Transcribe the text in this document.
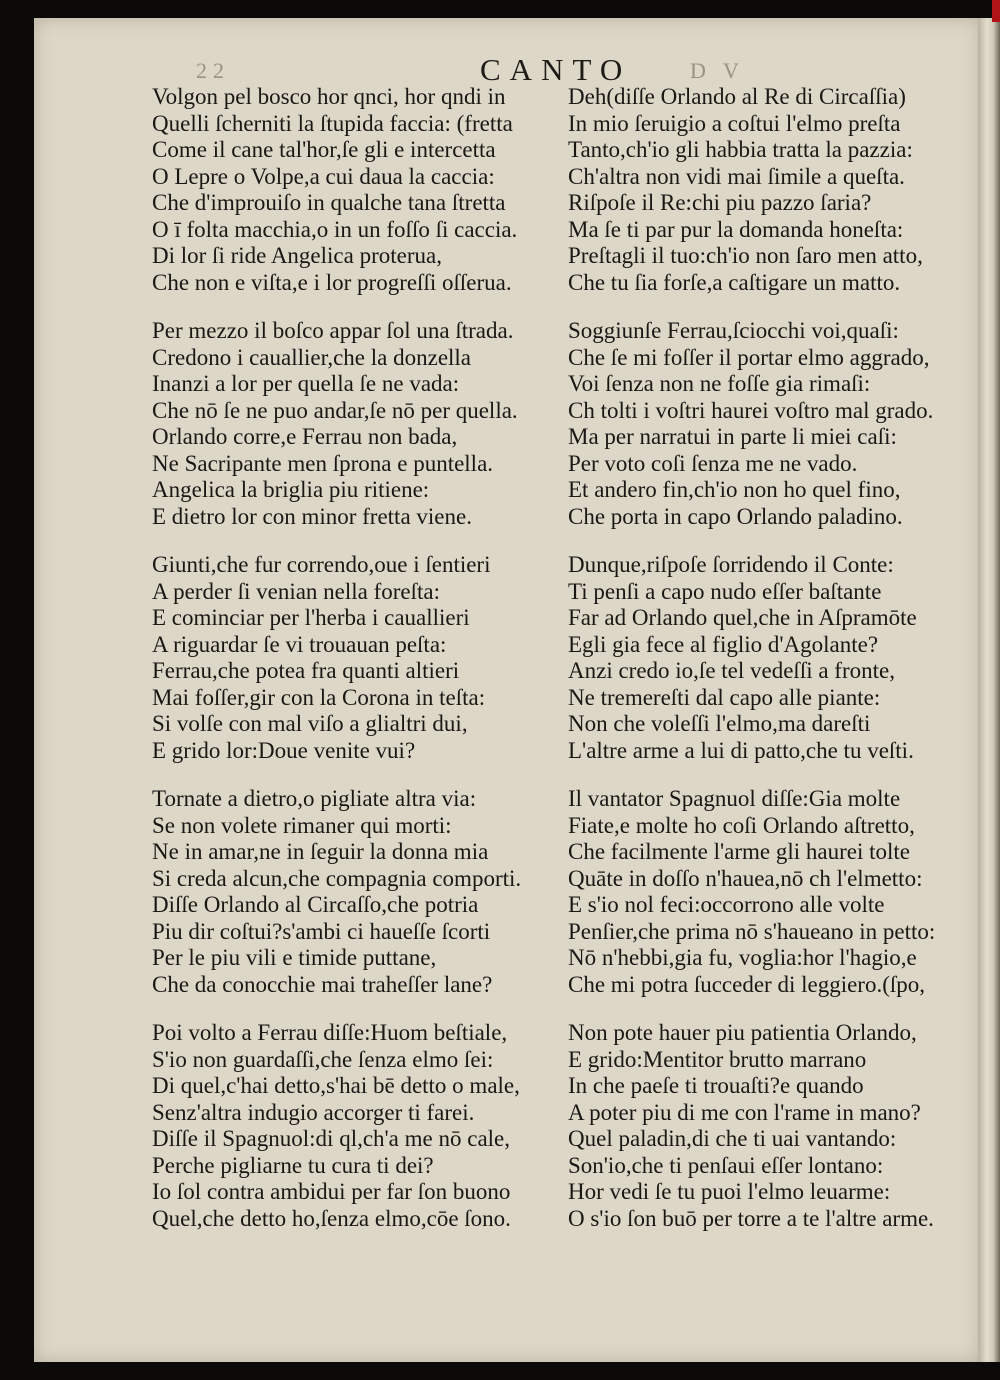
22	CANTO	D V
Volgon pel bosco hor qnci, hor qndi in
Quelli ſcherniti la ſtupida faccia: (fretta
Come il cane tal'hor,ſe gli e intercetta
O Lepre o Volpe,a cui daua la caccia:
Che d'improuiſo in qualche tana ſtretta
O ī folta macchia,o in un foſſo ſi caccia.
Di lor ſi ride Angelica proterua,
Che non e viſta,e i lor progreſſi oſſerua.
Per mezzo il boſco appar ſol una ſtrada.
Credono i cauallier,che la donzella
Inanzi a lor per quella ſe ne vada:
Che nō ſe ne puo andar,ſe nō per quella.
Orlando corre,e Ferrau non bada,
Ne Sacripante men ſprona e puntella.
Angelica la briglia piu ritiene:
E dietro lor con minor fretta viene.
Giunti,che fur correndo,oue i ſentieri
A perder ſi venian nella foreſta:
E cominciar per l'herba i cauallieri
A riguardar ſe vi trouauan peſta:
Ferrau,che potea fra quanti altieri
Mai foſſer,gir con la Corona in teſta:
Si volſe con mal viſo a glialtri dui,
E grido lor:Doue venite vui?
Tornate a dietro,o pigliate altra via:
Se non volete rimaner qui morti:
Ne in amar,ne in ſeguir la donna mia
Si creda alcun,che compagnia comporti.
Diſſe Orlando al Circaſſo,che potria
Piu dir coſtui?s'ambi ci haueſſe ſcorti
Per le piu vili e timide puttane,
Che da conocchie mai traheſſer lane?
Poi volto a Ferrau diſſe:Huom beſtiale,
S'io non guardaſſi,che ſenza elmo ſei:
Di quel,c'hai detto,s'hai bē detto o male,
Senz'altra indugio accorger ti farei.
Diſſe il Spagnuol:di ql,ch'a me nō cale,
Perche pigliarne tu cura ti dei?
Io ſol contra ambidui per far ſon buono
Quel,che detto ho,ſenza elmo,cōe ſono.
Deh(diſſe Orlando al Re di Circaſſia)
In mio ſeruigio a coſtui l'elmo preſta
Tanto,ch'io gli habbia tratta la pazzia:
Ch'altra non vidi mai ſimile a queſta.
Riſpoſe il Re:chi piu pazzo ſaria?
Ma ſe ti par pur la domanda honeſta:
Preſtagli il tuo:ch'io non ſaro men atto,
Che tu ſia forſe,a caſtigare un matto.
Soggiunſe Ferrau,ſciocchi voi,quaſi:
Che ſe mi foſſer il portar elmo aggrado,
Voi ſenza non ne foſſe gia rimaſi:
Ch tolti i voſtri haurei voſtro mal grado.
Ma per narratui in parte li miei caſi:
Per voto coſi ſenza me ne vado.
Et andero fin,ch'io non ho quel fino,
Che porta in capo Orlando paladino.
Dunque,riſpoſe ſorridendo il Conte:
Ti penſi a capo nudo eſſer baſtante
Far ad Orlando quel,che in Aſpramōte
Egli gia fece al figlio d'Agolante?
Anzi credo io,ſe tel vedeſſi a fronte,
Ne tremereſti dal capo alle piante:
Non che voleſſi l'elmo,ma dareſti
L'altre arme a lui di patto,che tu veſti.
Il vantator Spagnuol diſſe:Gia molte
Fiate,e molte ho coſi Orlando aſtretto,
Che facilmente l'arme gli haurei tolte
Quāte in doſſo n'hauea,nō ch l'elmetto:
E s'io nol feci:occorrono alle volte
Penſier,che prima nō s'haueano in petto:
Nō n'hebbi,gia fu, voglia:hor l'hagio,e
Che mi potra ſucceder di leggiero.(ſpo,
Non pote hauer piu patientia Orlando,
E grido:Mentitor brutto marrano
In che paeſe ti trouaſti?e quando
A poter piu di me con l'rame in mano?
Quel paladin,di che ti uai vantando:
Son'io,che ti penſaui eſſer lontano:
Hor vedi ſe tu puoi l'elmo leuarme:
O s'io ſon buō per torre a te l'altre arme.
